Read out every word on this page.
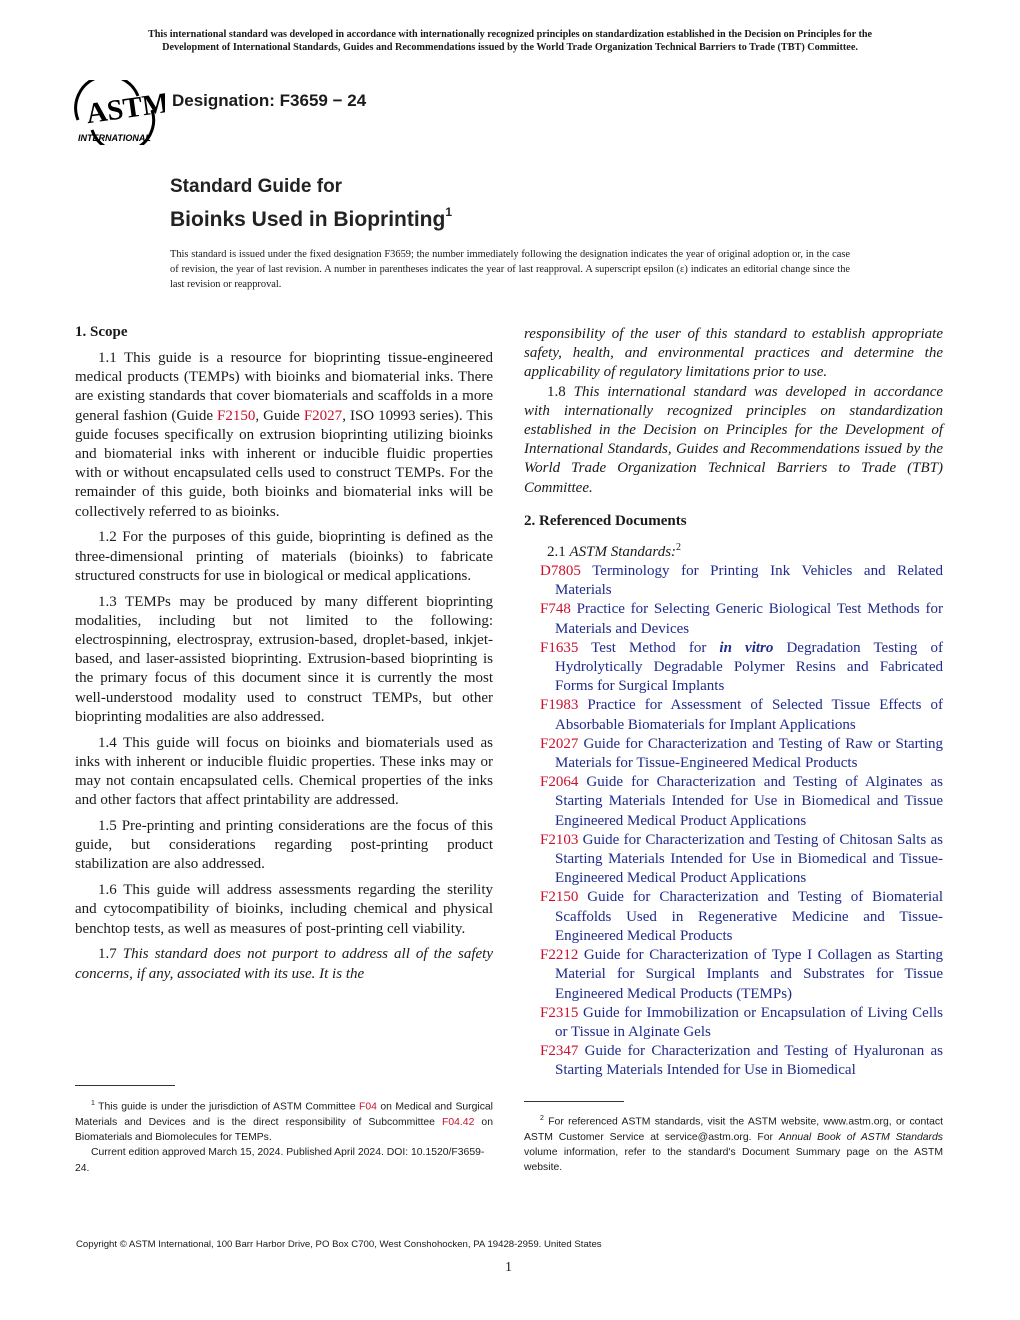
This international standard was developed in accordance with internationally recognized principles on standardization established in the Decision on Principles for the
Development of International Standards, Guides and Recommendations issued by the World Trade Organization Technical Barriers to Trade (TBT) Committee.
ASTM
INTERNATIONAL
Designation: F3659 − 24
Standard Guide for
Bioinks Used in Bioprinting$^1$
This standard is issued under the fixed designation F3659; the number immediately following the designation indicates the year of original adoption or, in the case of revision, the year of last revision. A number in parentheses indicates the year of last reapproval. A superscript epsilon (ε) indicates an editorial change since the last revision or reapproval.
1. Scope

1.1 This guide is a resource for bioprinting tissue-engineered medical products (TEMPs) with bioinks and biomaterial inks. There are existing standards that cover biomaterials and scaffolds in a more general fashion (Guide F2150, Guide F2027, ISO 10993 series). This guide focuses specifically on extrusion bioprinting utilizing bioinks and biomaterial inks with inherent or inducible fluidic properties with or without encapsulated cells used to construct TEMPs. For the remainder of this guide, both bioinks and biomaterial inks will be collectively referred to as bioinks.

1.2 For the purposes of this guide, bioprinting is defined as the three-dimensional printing of materials (bioinks) to fabricate structured constructs for use in biological or medical applications.

1.3 TEMPs may be produced by many different bioprinting modalities, including but not limited to the following: electrospinning, electrospray, extrusion-based, droplet-based, inkjet-based, and laser-assisted bioprinting. Extrusion-based bioprinting is the primary focus of this document since it is currently the most well-understood modality used to construct TEMPs, but other bioprinting modalities are also addressed.

1.4 This guide will focus on bioinks and biomaterials used as inks with inherent or inducible fluidic properties. These inks may or may not contain encapsulated cells. Chemical properties of the inks and other factors that affect printability are addressed.

1.5 Pre-printing and printing considerations are the focus of this guide, but considerations regarding post-printing product stabilization are also addressed.

1.6 This guide will address assessments regarding the sterility and cytocompatibility of bioinks, including chemical and physical benchtop tests, as well as measures of post-printing cell viability.

1.7 This standard does not purport to address all of the safety concerns, if any, associated with its use. It is the

$^1$ This guide is under the jurisdiction of ASTM Committee F04 on Medical and Surgical Materials and Devices and is the direct responsibility of Subcommittee F04.42 on Biomaterials and Biomolecules for TEMPs.

Current edition approved March 15, 2024. Published April 2024. DOI: 10.1520/F3659-24.

responsibility of the user of this standard to establish appropriate safety, health, and environmental practices and determine the applicability of regulatory limitations prior to use.

1.8 This international standard was developed in accordance with internationally recognized principles on standardization established in the Decision on Principles for the Development of International Standards, Guides and Recommendations issued by the World Trade Organization Technical Barriers to Trade (TBT) Committee.

2. Referenced Documents

2.1 ASTM Standards:$^2$

D7805 Terminology for Printing Ink Vehicles and Related Materials

F748 Practice for Selecting Generic Biological Test Methods for Materials and Devices

F1635 Test Method for in vitro Degradation Testing of Hydrolytically Degradable Polymer Resins and Fabricated Forms for Surgical Implants

F1983 Practice for Assessment of Selected Tissue Effects of Absorbable Biomaterials for Implant Applications

F2027 Guide for Characterization and Testing of Raw or Starting Materials for Tissue-Engineered Medical Products

F2064 Guide for Characterization and Testing of Alginates as Starting Materials Intended for Use in Biomedical and Tissue Engineered Medical Product Applications

F2103 Guide for Characterization and Testing of Chitosan Salts as Starting Materials Intended for Use in Biomedical and Tissue-Engineered Medical Product Applications

F2150 Guide for Characterization and Testing of Biomaterial Scaffolds Used in Regenerative Medicine and Tissue-Engineered Medical Products

F2212 Guide for Characterization of Type I Collagen as Starting Material for Surgical Implants and Substrates for Tissue Engineered Medical Products (TEMPs)

F2315 Guide for Immobilization or Encapsulation of Living Cells or Tissue in Alginate Gels

F2347 Guide for Characterization and Testing of Hyaluronan as Starting Materials Intended for Use in Biomedical

$^2$ For referenced ASTM standards, visit the ASTM website, www.astm.org, or contact ASTM Customer Service at service@astm.org. For Annual Book of ASTM Standards volume information, refer to the standard's Document Summary page on the ASTM website.

Copyright © ASTM International, 100 Barr Harbor Drive, PO Box C700, West Conshohocken, PA 19428-2959. United States
1
